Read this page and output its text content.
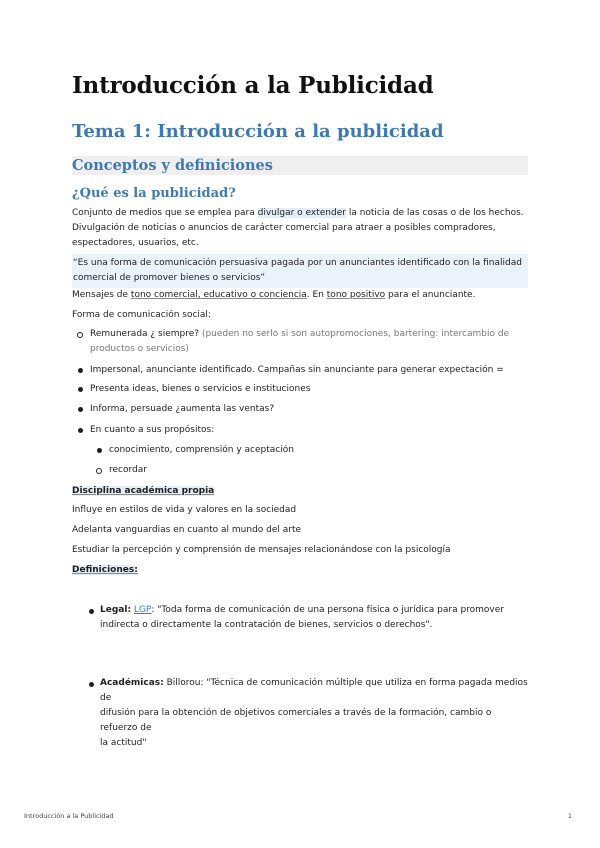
Introducción a la Publicidad
Tema 1: Introducción a la publicidad
Conceptos y definiciones
¿Qué es la publicidad?
Conjunto de medios que se emplea para divulgar o extender la noticia de las cosas o de los hechos.
Divulgación de noticias o anuncios de carácter comercial para atraer a posibles compradores,
espectadores, usuarios, etc.
“Es una forma de comunicación persuasiva pagada por un anunciantes identificado con la finalidad
comercial de promover bienes o servicios”
Mensajes de tono comercial, educativo o conciencia. En tono positivo para el anunciante.
Forma de comunicación social:
Remunerada ¿ siempre? (pueden no serlo si son autopromociones, bartering: intercambio de
productos o servicios)
Impersonal, anunciante identificado. Campañas sin anunciante para generar expectación =
Presenta ideas, bienes o servicios e instituciones
Informa, persuade ¿aumenta las ventas?
En cuanto a sus propósitos:
conocimiento, comprensión y aceptación
recordar
Disciplina académica propia
Influye en estilos de vida y valores en la sociedad
Adelanta vanguardias en cuanto al mundo del arte
Estudiar la percepción y comprensión de mensajes relacionándose con la psicología
Definiciones:
Legal: LGP: "Toda forma de comunicación de una persona física o jurídica para promover
indirecta o directamente la contratación de bienes, servicios o derechos".
Académicas: Billorou: "Técnica de comunicación múltiple que utiliza en forma pagada medios de
difusión para la obtención de objetivos comerciales a través de la formación, cambio o refuerzo de
la actitud"
Introducción a la Publicidad	1
